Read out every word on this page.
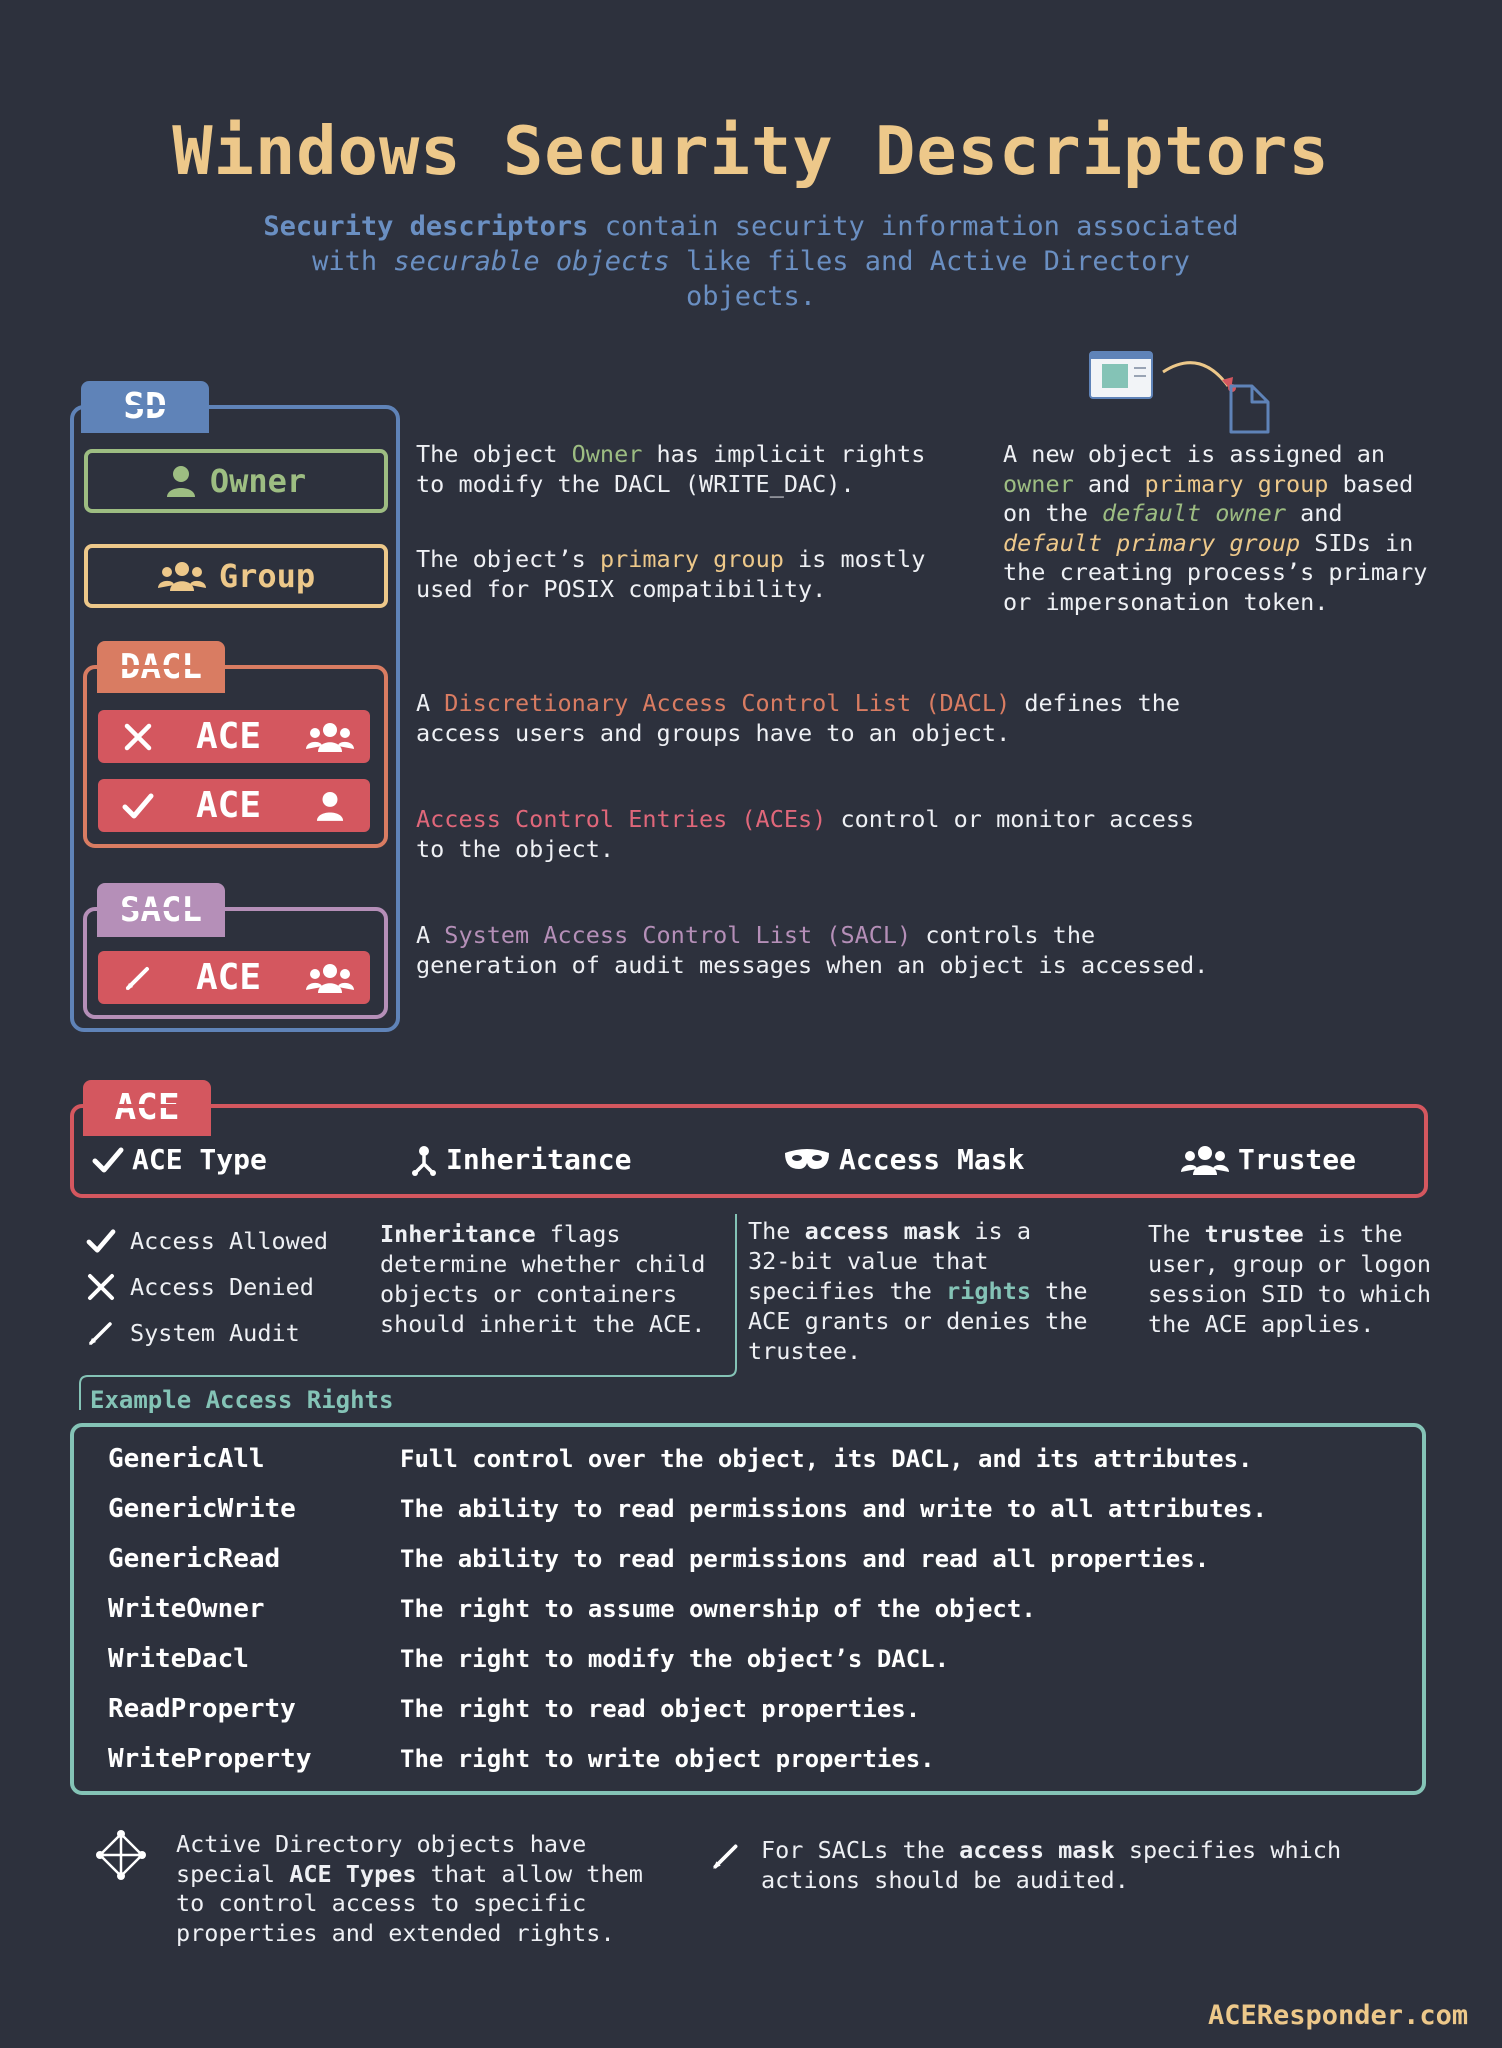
Windows Security Descriptors
Security descriptors contain security information associated with securable objects like files and Active Directory objects.
SD
Owner
Group
DACL
ACE
ACE
SACL
ACE
The object Owner has implicit rights
to modify the DACL (WRITE_DAC).
The object’s primary group is mostly
used for POSIX compatibility.
A new object is assigned an
owner and primary group based
on the default owner and
default primary group SIDs in
the creating process’s primary
or impersonation token.
A Discretionary Access Control List (DACL) defines the
access users and groups have to an object.
Access Control Entries (ACEs) control or monitor access
to the object.
A System Access Control List (SACL) controls the
generation of audit messages when an object is accessed.
ACE
ACE Type	Inheritance	Access Mask	Trustee
Access Allowed
Access Denied
System Audit
Inheritance flags
determine whether child
objects or containers
should inherit the ACE.
The access mask is a
32-bit value that
specifies the rights the
ACE grants or denies the
trustee.
The trustee is the
user, group or logon
session SID to which
the ACE applies.
Example Access Rights
GenericAll	Full control over the object, its DACL, and its attributes.
GenericWrite	The ability to read permissions and write to all attributes.
GenericRead	The ability to read permissions and read all properties.
WriteOwner	The right to assume ownership of the object.
WriteDacl	The right to modify the object’s DACL.
ReadProperty	The right to read object properties.
WriteProperty	The right to write object properties.
Active Directory objects have
special ACE Types that allow them
to control access to specific
properties and extended rights.
For SACLs the access mask specifies which
actions should be audited.
ACEResponder.com
